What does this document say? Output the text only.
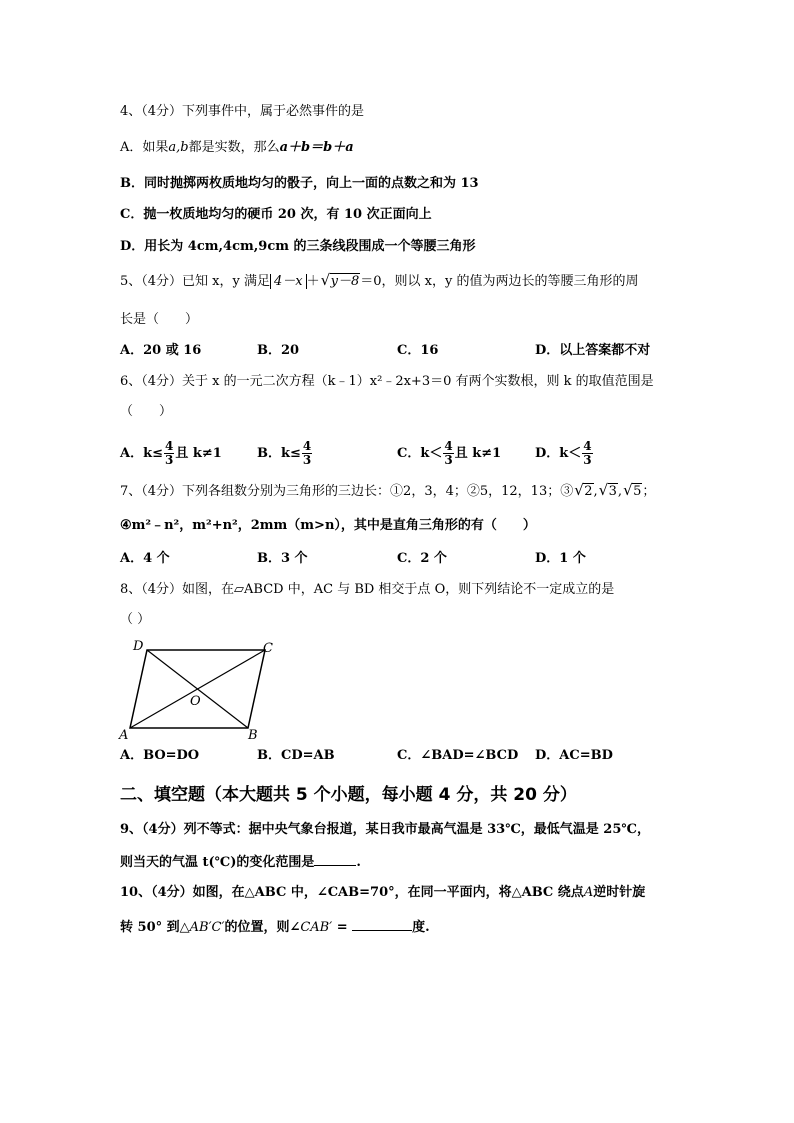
4、（4分）下列事件中，属于必然事件的是
A．如果a,b都是实数，那么a＋b＝b＋a
B．同时抛掷两枚质地均匀的骰子，向上一面的点数之和为 13
C．抛一枚质地均匀的硬币 20 次，有 10 次正面向上
D．用长为 4cm,4cm,9cm 的三条线段围成一个等腰三角形
5、（4分）已知 x，y 满足 4－x ＋ √ y－8＝0，则以 x，y 的值为两边长的等腰三角形的周
长是（　　）
A．20 或 16	B．20	C．16	D．以上答案都不对
6、（4分）关于 x 的一元二次方程（k﹣1）x²﹣2x+3＝0 有两个实数根，则 k 的取值范围是
（　　）
A．$k\le \frac{4}{3}$ 且 k≠1	B．$k\le \frac{4}{3}$	C．$k< \frac{4}{3}$ 且 k≠1	D．$k< \frac{4}{3}$
7、（4分）下列各组数分别为三角形的三边长：①2，3，4；②5，12，13；③ √ 2, √ 3, √ 5；
④m²﹣n²，m²+n²，2mm（m>n），其中是直角三角形的有（　　）
A．4 个	B．3 个	C．2 个	D．1 个
8、（4分）如图，在▱ABCD 中，AC 与 BD 相交于点 O，则下列结论不一定成立的是
（ ）
D	C
O
A	B
A．BO=DO	B．CD=AB	C．∠BAD=∠BCD D．AC=BD
二、填空题（本大题共 5 个小题，每小题 4 分，共 20 分）
9、（4分）列不等式：据中央气象台报道，某日我市最高气温是 33℃，最低气温是 25℃，
则当天的气温 t(℃)的变化范围是	.
10、（4分）如图，在△ABC 中，∠CAB=70°，在同一平面内，将△ABC 绕点A逆时针旋
转 50° 到△AB′C′的位置，则∠CAB′ =	度.
